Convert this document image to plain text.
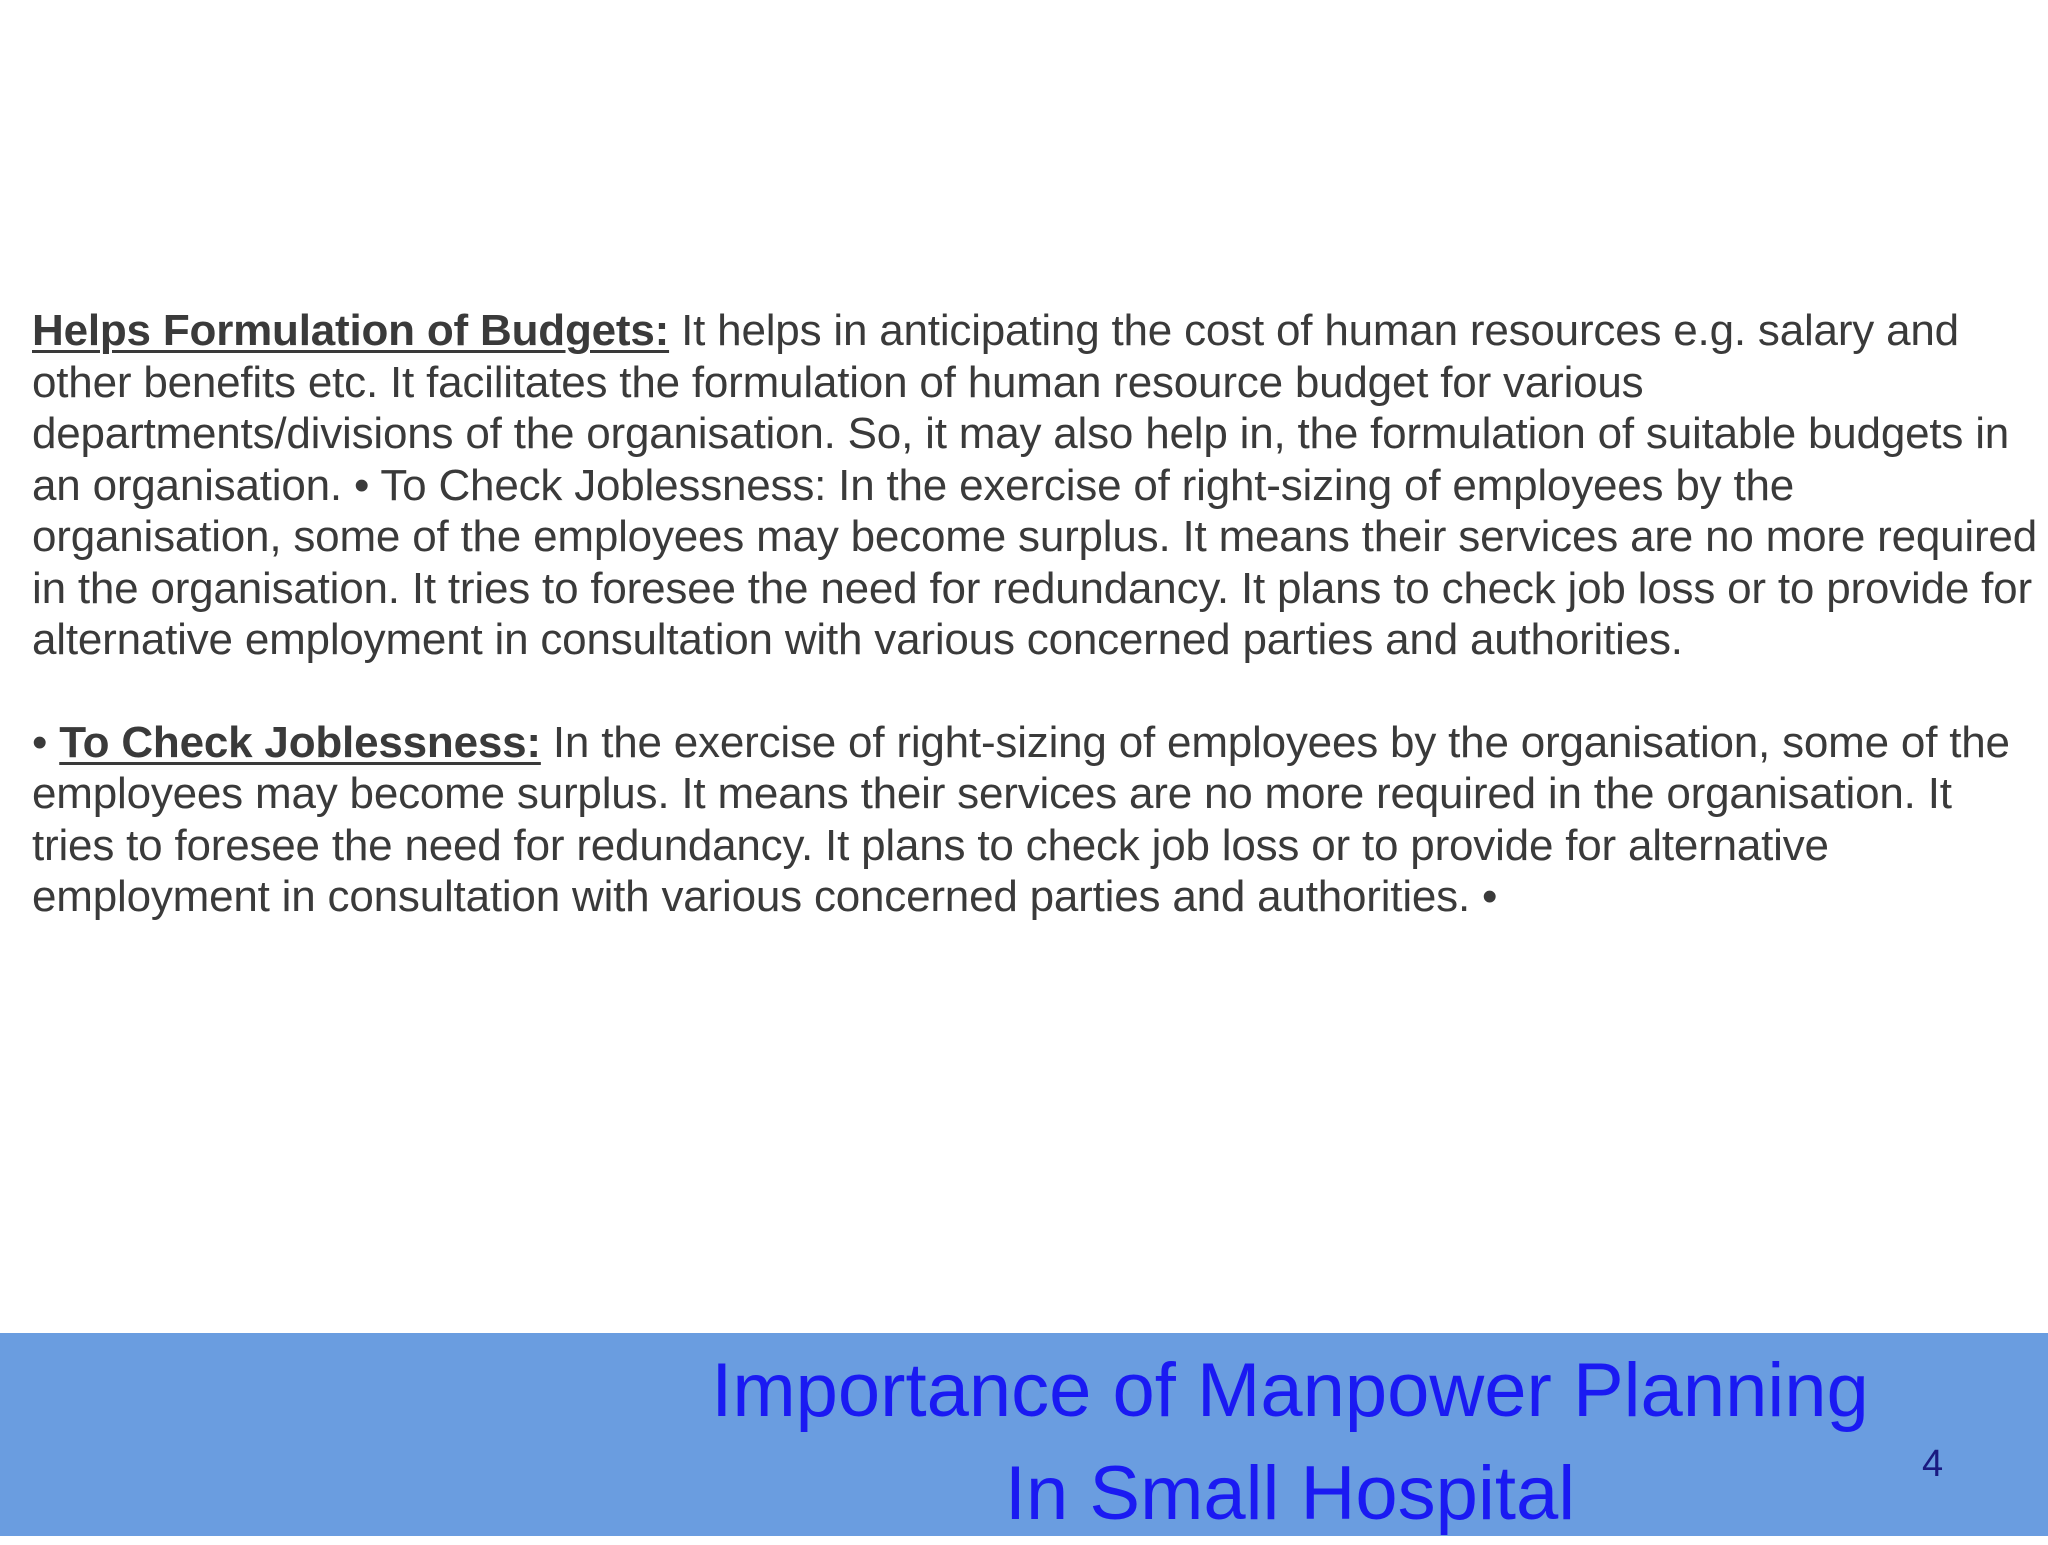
Helps Formulation of Budgets: It helps in anticipating the cost of human resources e.g. salary and other benefits etc. It facilitates the formulation of human resource budget for various departments/divisions of the organisation. So, it may also help in, the formulation of suitable budgets in an organisation. • To Check Joblessness: In the exercise of right-sizing of employees by the organisation, some of the employees may become surplus. It means their services are no more required in the organisation. It tries to foresee the need for redundancy. It plans to check job loss or to provide for alternative employment in consultation with various concerned parties and authorities.

• To Check Joblessness: In the exercise of right-sizing of employees by the organisation, some of the employees may become surplus. It means their services are no more required in the organisation. It tries to foresee the need for redundancy. It plans to check job loss or to provide for alternative employment in consultation with various concerned parties and authorities. •

Importance of Manpower Planning
In Small Hospital	4
